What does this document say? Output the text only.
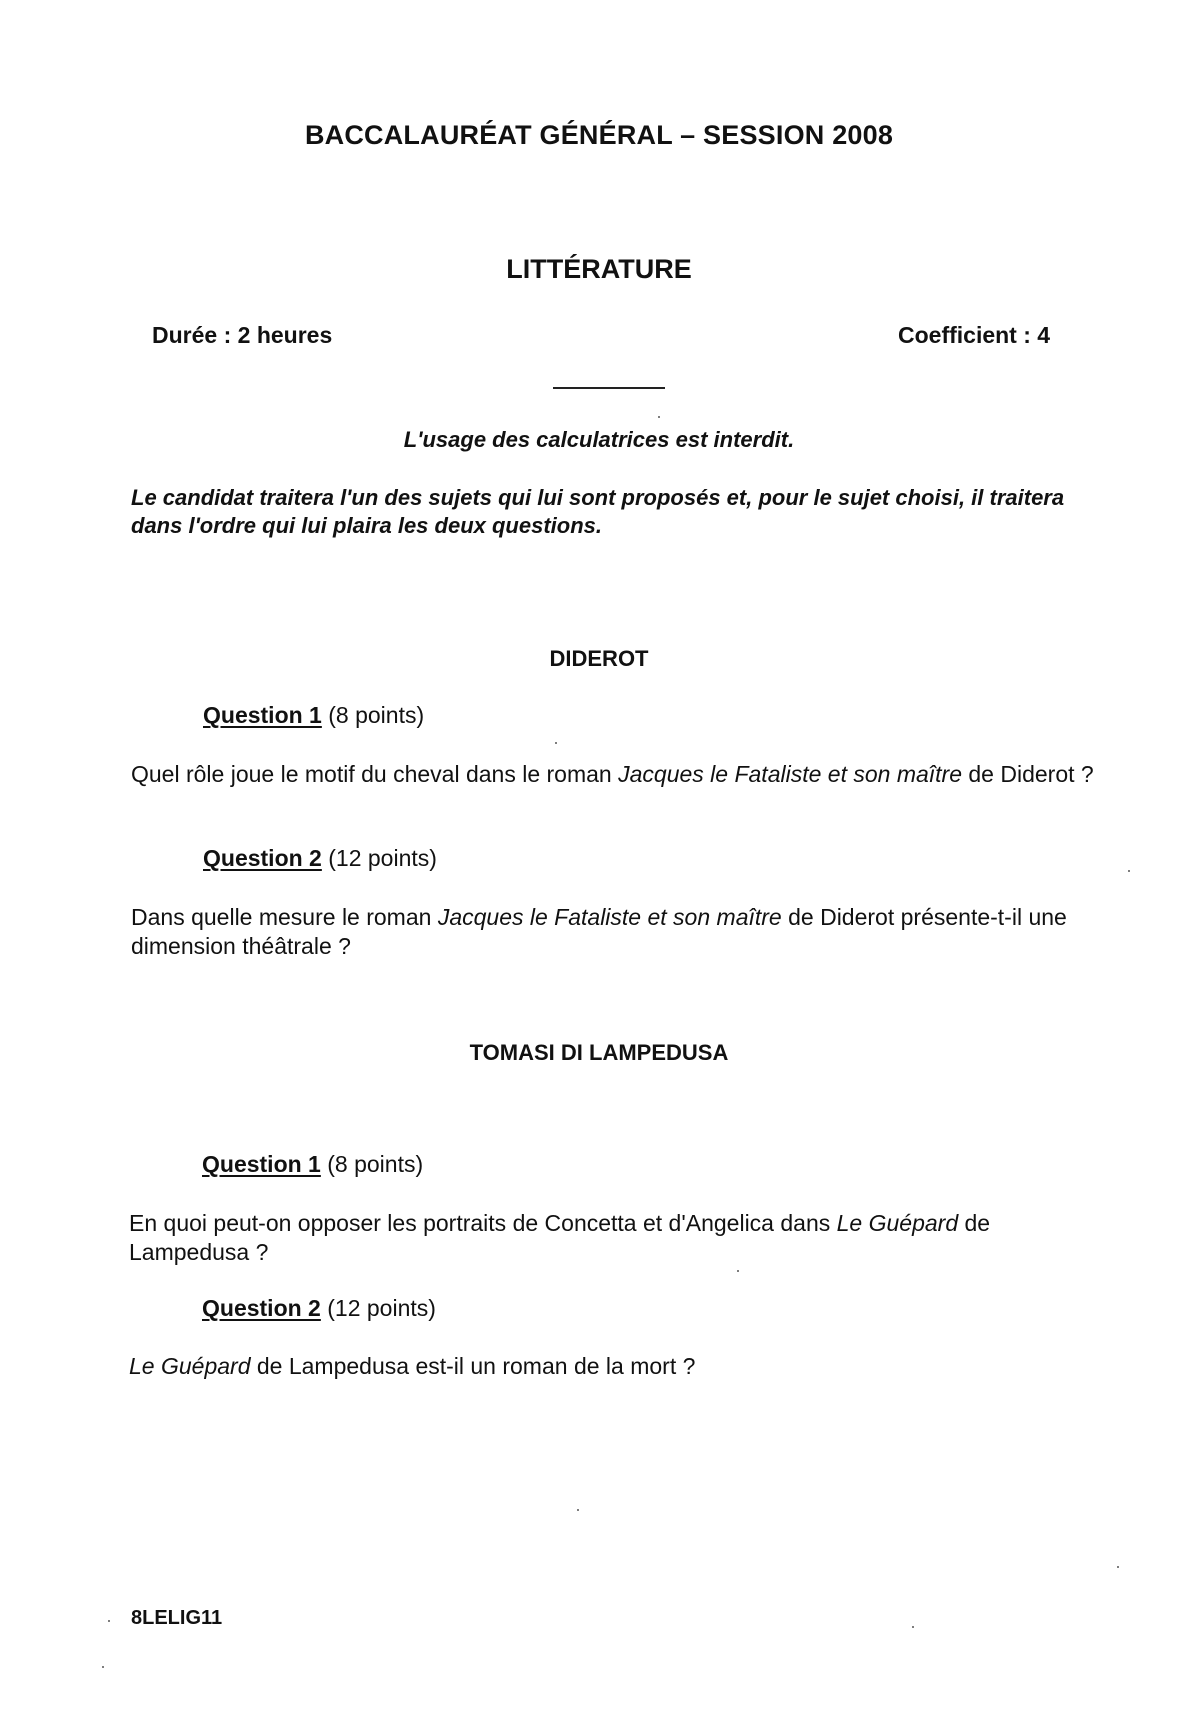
BACCALAURÉAT GÉNÉRAL – SESSION 2008
LITTÉRATURE
Durée : 2 heures	Coefficient : 4
L'usage des calculatrices est interdit.
Le candidat traitera l'un des sujets qui lui sont proposés et, pour le sujet choisi, il traitera dans l'ordre qui lui plaira les deux questions.
DIDEROT
Question 1 (8 points)
Quel rôle joue le motif du cheval dans le roman Jacques le Fataliste et son maître de Diderot ?
Question 2 (12 points)
Dans quelle mesure le roman Jacques le Fataliste et son maître de Diderot présente-t-il une dimension théâtrale ?
TOMASI DI LAMPEDUSA
Question 1 (8 points)
En quoi peut-on opposer les portraits de Concetta et d'Angelica dans Le Guépard de Lampedusa ?
Question 2 (12 points)
Le Guépard de Lampedusa est-il un roman de la mort ?
8LELIG11
